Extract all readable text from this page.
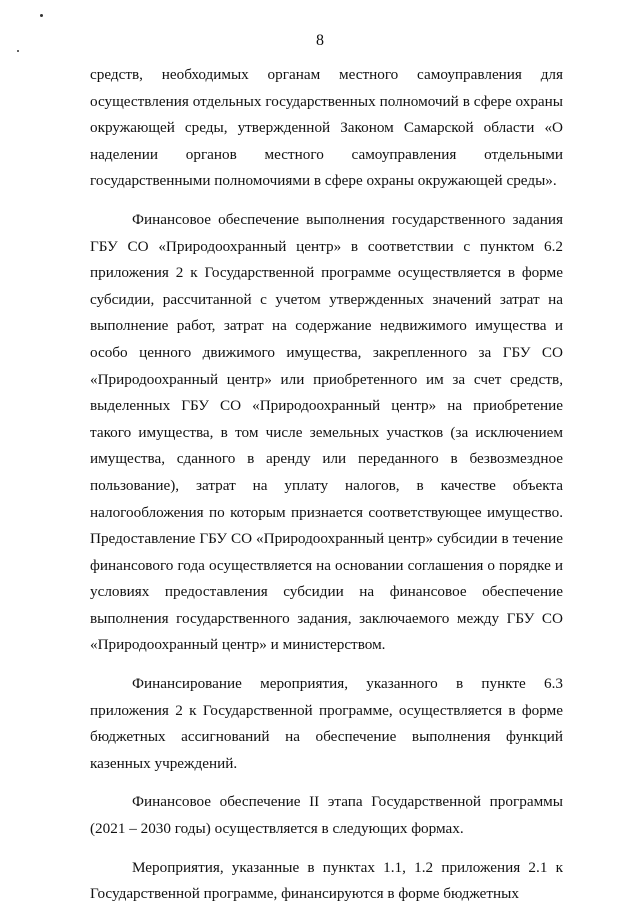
8

средств, необходимых органам местного самоуправления для осуществления отдельных государственных полномочий в сфере охраны окружающей среды, утвержденной Законом Самарской области «О наделении органов местного самоуправления отдельными государственными полномочиями в сфере охраны окружающей среды».

Финансовое обеспечение выполнения государственного задания ГБУ СО «Природоохранный центр» в соответствии с пунктом 6.2 приложения 2 к Государственной программе осуществляется в форме субсидии, рассчитанной с учетом утвержденных значений затрат на выполнение работ, затрат на содержание недвижимого имущества и особо ценного движимого имущества, закрепленного за ГБУ СО «Природоохранный центр» или приобретенного им за счет средств, выделенных ГБУ СО «Природоохранный центр» на приобретение такого имущества, в том числе земельных участков (за исключением имущества, сданного в аренду или переданного в безвозмездное пользование), затрат на уплату налогов, в качестве объекта налогообложения по которым признается соответствующее имущество. Предоставление ГБУ СО «Природоохранный центр» субсидии в течение финансового года осуществляется на основании соглашения о порядке и условиях предоставления субсидии на финансовое обеспечение выполнения государственного задания, заключаемого между ГБУ СО «Природоохранный центр» и министерством.

Финансирование мероприятия, указанного в пункте 6.3 приложения 2 к Государственной программе, осуществляется в форме бюджетных ассигнований на обеспечение выполнения функций казенных учреждений.

Финансовое обеспечение II этапа Государственной программы (2021 – 2030 годы) осуществляется в следующих формах.

Мероприятия, указанные в пунктах 1.1, 1.2 приложения 2.1 к Государственной программе, финансируются в форме бюджетных
